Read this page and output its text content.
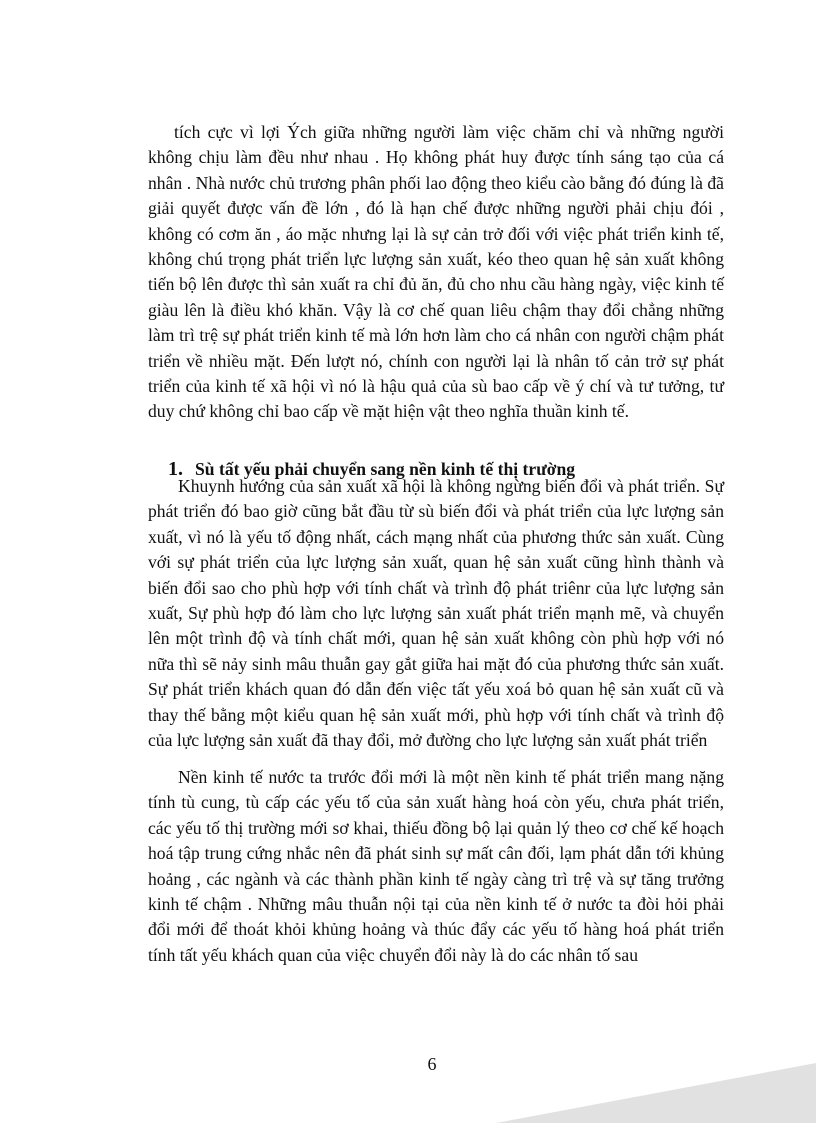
tích cực vì lợi Ých giữa những người làm việc chăm chỉ và những người không chịu làm đều như nhau . Họ không phát huy được tính sáng tạo của cá nhân . Nhà nước chủ trương phân phối lao động theo kiểu cào bằng đó đúng là đã giải quyết được vấn đề lớn , đó là hạn chế được những người phải chịu đói , không có cơm ăn , áo mặc nhưng lại là sự cản trở đối với việc phát triển kinh tế, không chú trọng phát triển lực lượng sản xuất, kéo theo quan hệ sản xuất không tiến bộ lên được thì sản xuất ra chỉ đủ ăn, đủ cho nhu cầu hàng ngày, việc kinh tế giàu lên là điều khó khăn. Vậy là cơ chế quan liêu chậm thay đổi chẳng những làm trì trệ sự phát triển kinh tế mà lớn hơn làm cho cá nhân con người chậm phát triển về nhiều mặt. Đến lượt nó, chính con người lại là nhân tố cản trở sự phát triển của kinh tế xã hội vì nó là hậu quả của sù bao cấp về ý chí và tư tưởng, tư duy chứ không chỉ bao cấp về mặt hiện vật theo nghĩa thuần kinh tế.

1. Sù tất yếu phải chuyển sang nền kinh tế thị trường

Khuynh hướng của sản xuất xã hội là không ngừng biến đổi và phát triển. Sự phát triển đó bao giờ cũng bắt đầu từ sù biến đổi và phát triển của lực lượng sản xuất, vì nó là yếu tố động nhất, cách mạng nhất của phương thức sản xuất. Cùng với sự phát triển của lực lượng sản xuất, quan hệ sản xuất cũng hình thành và biến đổi sao cho phù hợp với tính chất và trình độ phát triênr của lực lượng sản xuất, Sự phù hợp đó làm cho lực lượng sản xuất phát triển mạnh mẽ, và chuyển lên một trình độ và tính chất mới, quan hệ sản xuất không còn phù hợp với nó nữa thì sẽ nảy sinh mâu thuẫn gay gắt giữa hai mặt đó của phương thức sản xuất. Sự phát triển khách quan đó dẫn đến việc tất yếu xoá bỏ quan hệ sản xuất cũ và thay thế bằng một kiểu quan hệ sản xuất mới, phù hợp với tính chất và trình độ của lực lượng sản xuất đã thay đổi, mở đường cho lực lượng sản xuất phát triển

Nền kinh tế nước ta trước đổi mới là một nền kinh tế phát triển mang nặng tính tù cung, tù cấp các yếu tố của sản xuất hàng hoá còn yếu, chưa phát triển, các yếu tố thị trường mới sơ khai, thiếu đồng bộ lại quản lý theo cơ chế kế hoạch hoá tập trung cứng nhắc nên đã phát sinh sự mất cân đối, lạm phát dẫn tới khủng hoảng , các ngành và các thành phần kinh tế ngày càng trì trệ và sự tăng trưởng kinh tế chậm . Những mâu thuẫn nội tại của nền kinh tế ở nước ta đòi hỏi phải đổi mới để thoát khỏi khủng hoảng và thúc đẩy các yếu tố hàng hoá phát triển tính tất yếu khách quan của việc chuyển đổi này là do các nhân tố sau

6
